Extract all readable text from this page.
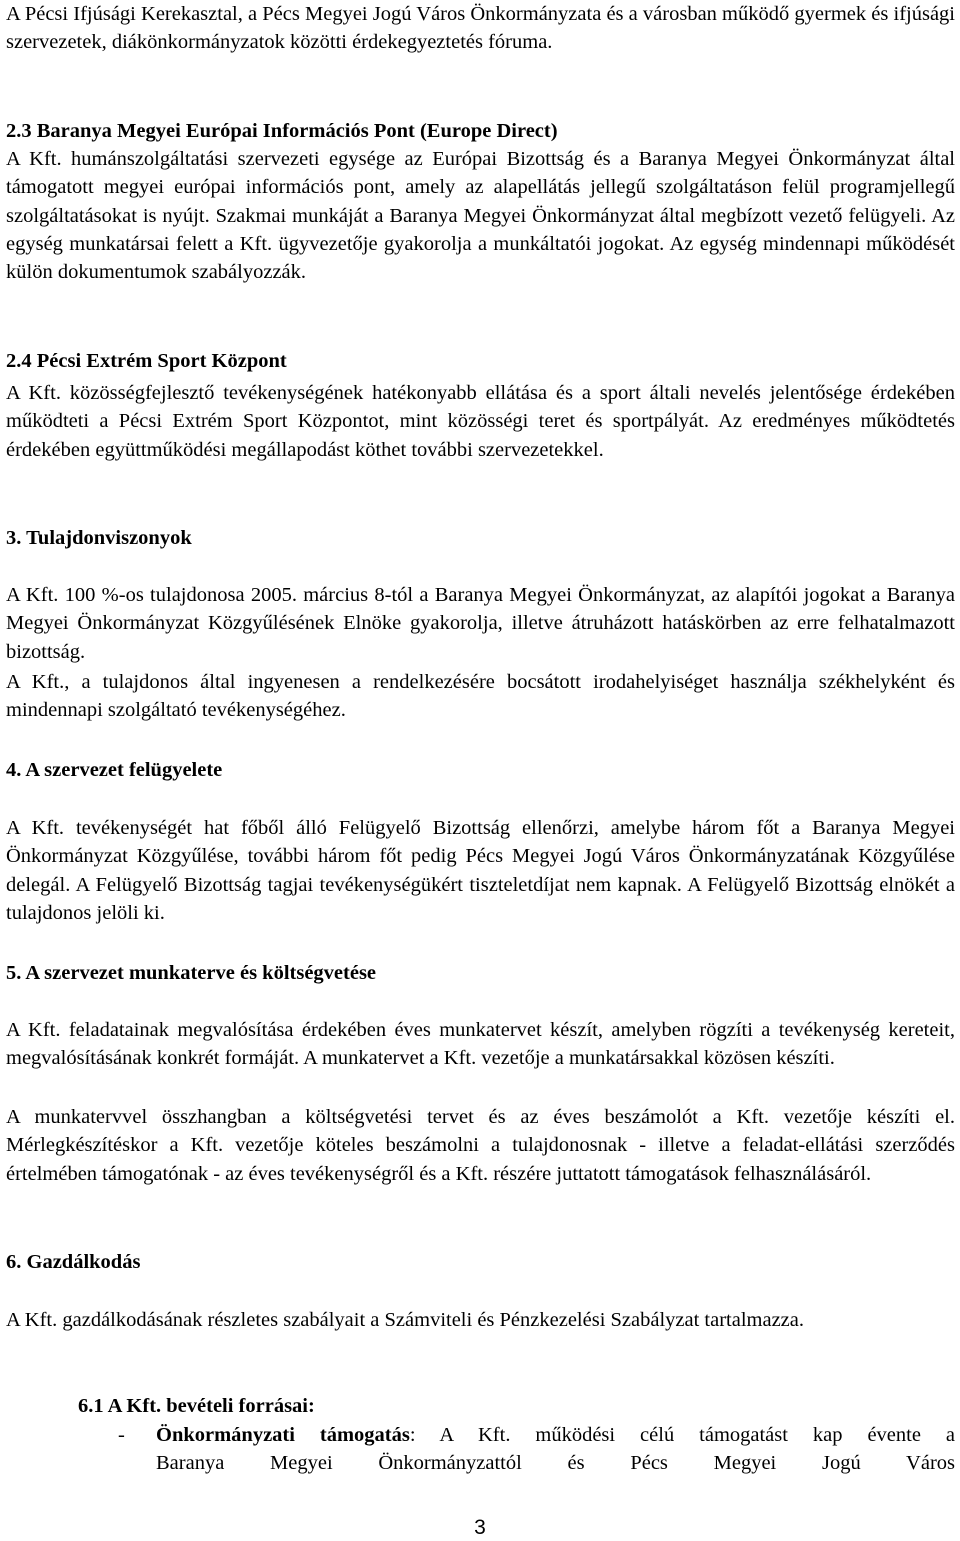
A Pécsi Ifjúsági Kerekasztal, a Pécs Megyei Jogú Város Önkormányzata és a városban működő gyermek és ifjúsági szervezetek, diákönkormányzatok közötti érdekegyeztetés fóruma.

2.3 Baranya Megyei Európai Információs Pont (Europe Direct)

A Kft. humánszolgáltatási szervezeti egysége az Európai Bizottság és a Baranya Megyei Önkormányzat által támogatott megyei európai információs pont, amely az alapellátás jellegű szolgáltatáson felül programjellegű szolgáltatásokat is nyújt. Szakmai munkáját a Baranya Megyei Önkormányzat által megbízott vezető felügyeli. Az egység munkatársai felett a Kft. ügyvezetője gyakorolja a munkáltatói jogokat. Az egység mindennapi működését külön dokumentumok szabályozzák.

2.4 Pécsi Extrém Sport Központ

A Kft. közösségfejlesztő tevékenységének hatékonyabb ellátása és a sport általi nevelés jelentősége érdekében működteti a Pécsi Extrém Sport Központot, mint közösségi teret és sportpályát. Az eredményes működtetés érdekében együttműködési megállapodást köthet további szervezetekkel.

3. Tulajdonviszonyok

A Kft. 100 %-os tulajdonosa 2005. március 8-tól a Baranya Megyei Önkormányzat, az alapítói jogokat a Baranya Megyei Önkormányzat Közgyűlésének Elnöke gyakorolja, illetve átruházott hatáskörben az erre felhatalmazott bizottság.

A Kft., a tulajdonos által ingyenesen a rendelkezésére bocsátott irodahelyiséget használja székhelyként és mindennapi szolgáltató tevékenységéhez.

4. A szervezet felügyelete

A Kft. tevékenységét hat főből álló Felügyelő Bizottság ellenőrzi, amelybe három főt a Baranya Megyei Önkormányzat Közgyűlése, további három főt pedig Pécs Megyei Jogú Város Önkormányzatának Közgyűlése delegál. A Felügyelő Bizottság tagjai tevékenységükért tiszteletdíjat nem kapnak. A Felügyelő Bizottság elnökét a tulajdonos jelöli ki.

5. A szervezet munkaterve és költségvetése

A Kft. feladatainak megvalósítása érdekében éves munkatervet készít, amelyben rögzíti a tevékenység kereteit, megvalósításának konkrét formáját. A munkatervet a Kft. vezetője a munkatársakkal közösen készíti.

A munkatervvel összhangban a költségvetési tervet és az éves beszámolót a Kft. vezetője készíti el. Mérlegkészítéskor a Kft. vezetője köteles beszámolni a tulajdonosnak - illetve a feladat-ellátási szerződés értelmében támogatónak - az éves tevékenységről és a Kft. részére juttatott támogatások felhasználásáról.

6. Gazdálkodás

A Kft. gazdálkodásának részletes szabályait a Számviteli és Pénzkezelési Szabályzat tartalmazza.

6.1 A Kft. bevételi forrásai:

- Önkormányzati támogatás: A Kft. működési célú támogatást kap évente a

Baranya Megyei Önkormányzattól és Pécs Megyei Jogú Város

3
